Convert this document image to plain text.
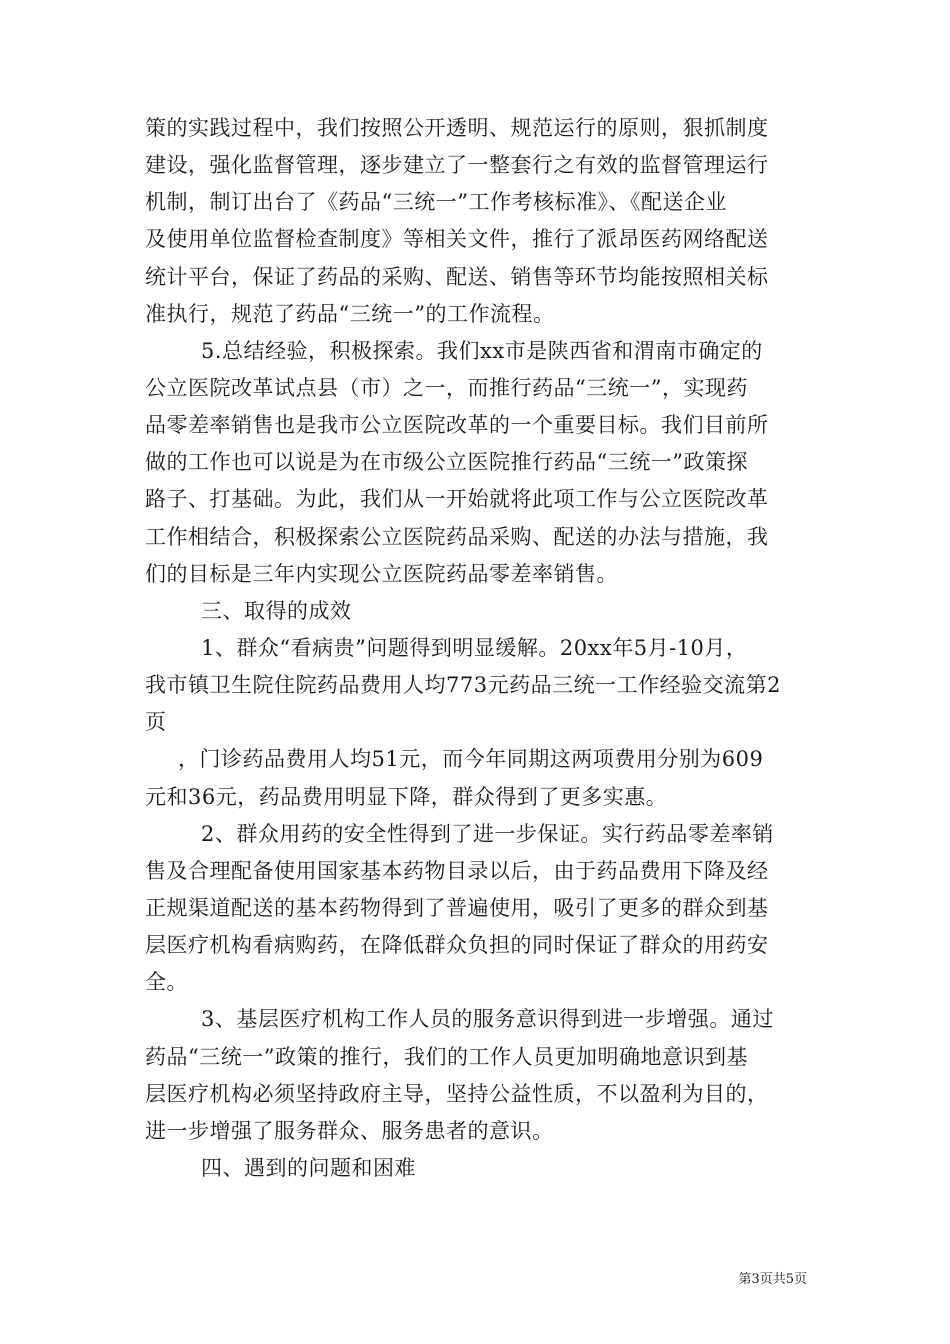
策的实践过程中，我们按照公开透明、规范运行的原则，狠抓制度
建设，强化监督管理，逐步建立了一整套行之有效的监督管理运行
机制，制订出台了《药品“三统一”工作考核标准》、《配送企业
及使用单位监督检查制度》等相关文件，推行了派昂医药网络配送
统计平台，保证了药品的采购、配送、销售等环节均能按照相关标
准执行，规范了药品“三统一”的工作流程。
5.总结经验，积极探索。我们xx市是陕西省和渭南市确定的
公立医院改革试点县（市）之一，而推行药品“三统一”，实现药
品零差率销售也是我市公立医院改革的一个重要目标。我们目前所
做的工作也可以说是为在市级公立医院推行药品“三统一”政策探
路子、打基础。为此，我们从一开始就将此项工作与公立医院改革
工作相结合，积极探索公立医院药品采购、配送的办法与措施，我
们的目标是三年内实现公立医院药品零差率销售。
三、取得的成效
1、群众“看病贵”问题得到明显缓解。20xx年5月-10月，
我市镇卫生院住院药品费用人均773元药品三统一工作经验交流第2
页
，门诊药品费用人均51元，而今年同期这两项费用分别为609
元和36元，药品费用明显下降，群众得到了更多实惠。
2、群众用药的安全性得到了进一步保证。实行药品零差率销
售及合理配备使用国家基本药物目录以后，由于药品费用下降及经
正规渠道配送的基本药物得到了普遍使用，吸引了更多的群众到基
层医疗机构看病购药，在降低群众负担的同时保证了群众的用药安
全。
3、基层医疗机构工作人员的服务意识得到进一步增强。通过
药品“三统一”政策的推行，我们的工作人员更加明确地意识到基
层医疗机构必须坚持政府主导，坚持公益性质，不以盈利为目的，
进一步增强了服务群众、服务患者的意识。
四、遇到的问题和困难
第3页共5页
